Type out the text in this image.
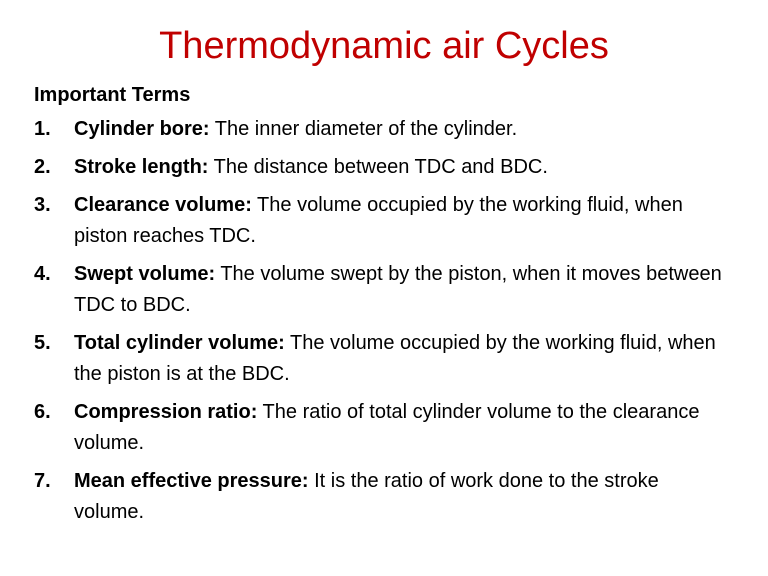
Thermodynamic air Cycles
Important Terms
1.	Cylinder bore: The inner diameter of the cylinder.
2.	Stroke length: The distance between TDC and BDC.
3.	Clearance volume: The volume occupied by the working fluid, when piston reaches TDC.
4.	Swept volume: The volume swept by the piston, when it moves between TDC to BDC.
5.	Total cylinder volume: The volume occupied by the working fluid, when the piston is at the BDC.
6.	Compression ratio: The ratio of total cylinder volume to the clearance volume.
7.	Mean effective pressure: It is the ratio of work done to the stroke volume.
